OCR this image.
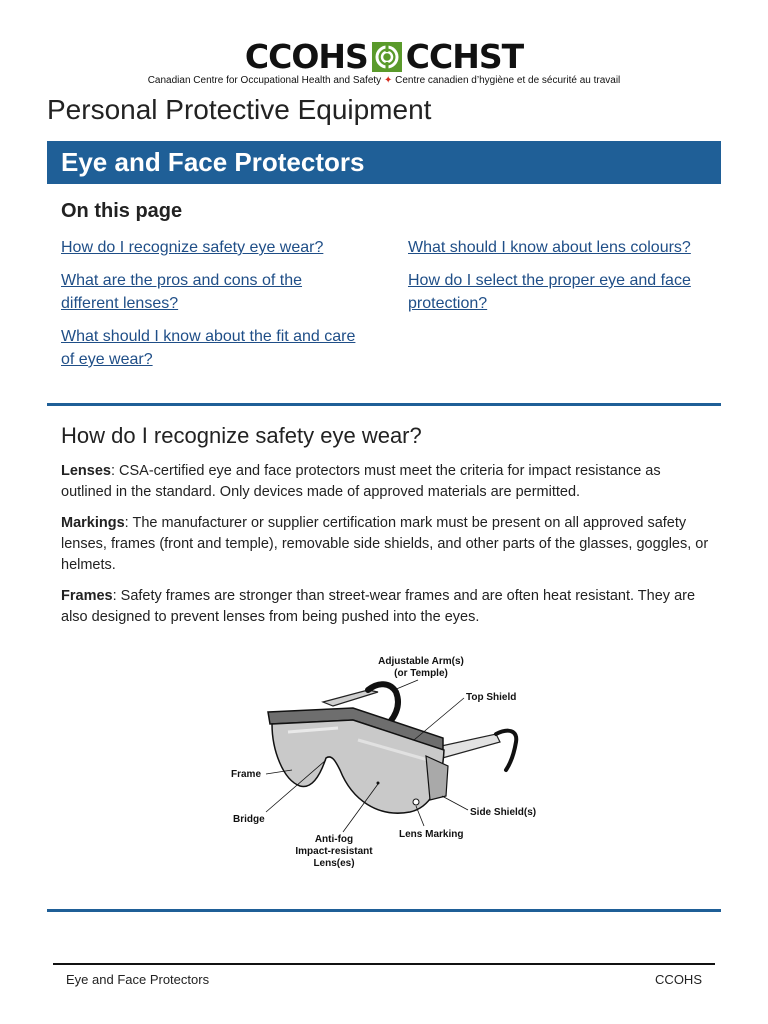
CCOHS CCHST
Canadian Centre for Occupational Health and Safety ✦ Centre canadien d’hygiène et de sécurité au travail
Personal Protective Equipment
Eye and Face Protectors
On this page
How do I recognize safety eye wear?
What are the pros and cons of the different lenses?
What should I know about the fit and care of eye wear?
What should I know about lens colours?
How do I select the proper eye and face protection?
How do I recognize safety eye wear?

Lenses: CSA-certified eye and face protectors must meet the criteria for impact resistance as outlined in the standard. Only devices made of approved materials are permitted.

Markings: The manufacturer or supplier certification mark must be present on all approved safety lenses, frames (front and temple), removable side shields, and other parts of the glasses, goggles, or helmets.

Frames: Safety frames are stronger than street-wear frames and are often heat resistant. They are also designed to prevent lenses from being pushed into the eyes.

Adjustable Arm(s)
(or Temple)
Top Shield
Frame
Bridge
Side Shield(s)
Lens Marking
Anti-fog
Impact-resistant
Lens(es)
Eye and Face Protectors	CCOHS
